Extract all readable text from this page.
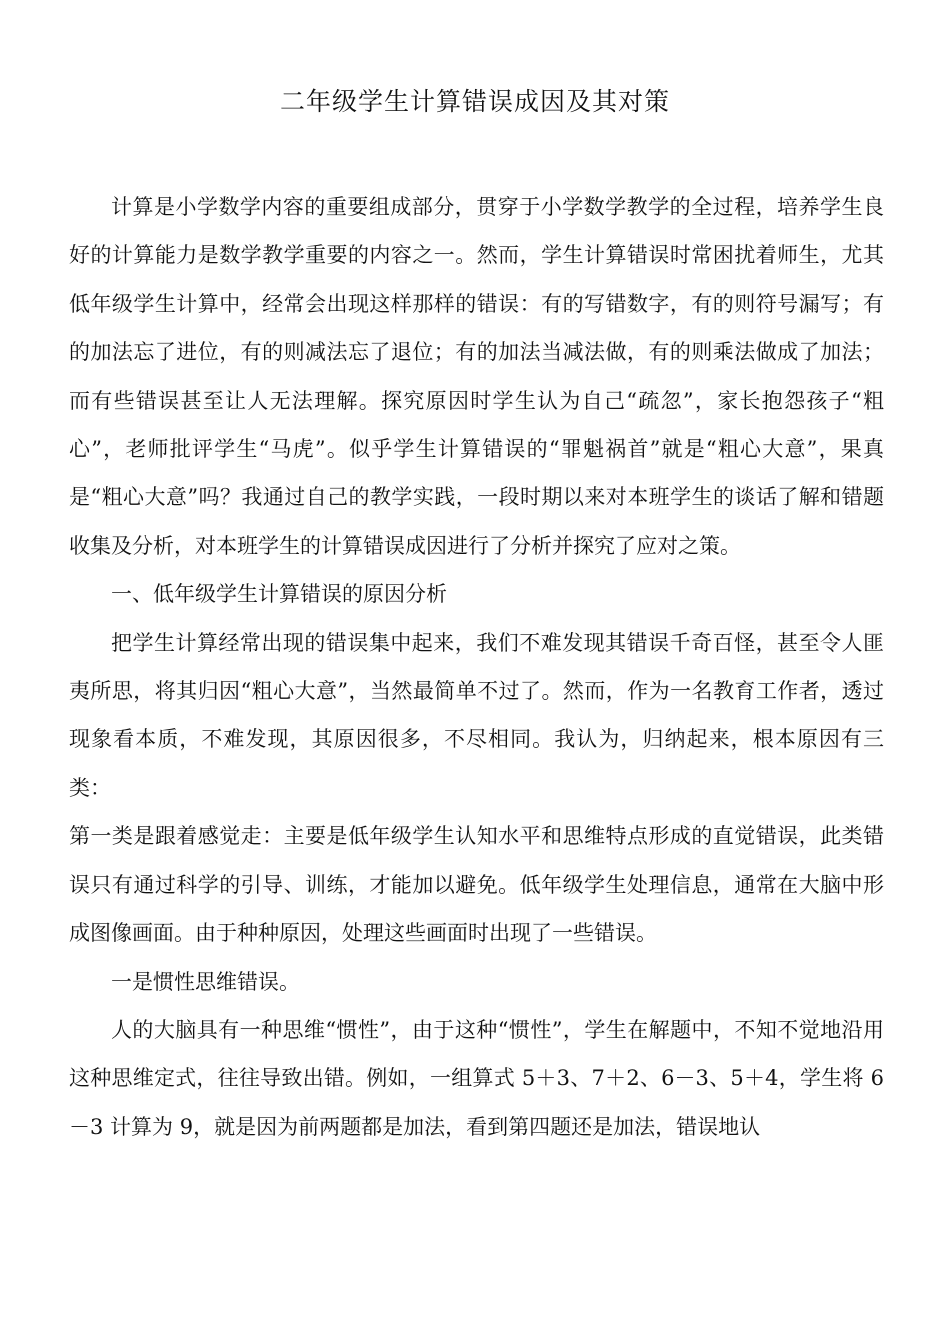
二年级学生计算错误成因及其对策

计算是小学数学内容的重要组成部分，贯穿于小学数学教学的全过程，培养学生良好的计算能力是数学教学重要的内容之一。然而，学生计算错误时常困扰着师生，尤其低年级学生计算中，经常会出现这样那样的错误：有的写错数字，有的则符号漏写；有的加法忘了进位，有的则减法忘了退位；有的加法当减法做，有的则乘法做成了加法；而有些错误甚至让人无法理解。探究原因时学生认为自己“疏忽”，家长抱怨孩子“粗心”，老师批评学生“马虎”。似乎学生计算错误的“罪魁祸首”就是“粗心大意”，果真是“粗心大意”吗？我通过自己的教学实践，一段时期以来对本班学生的谈话了解和错题收集及分析，对本班学生的计算错误成因进行了分析并探究了应对之策。

一、低年级学生计算错误的原因分析

把学生计算经常出现的错误集中起来，我们不难发现其错误千奇百怪，甚至令人匪夷所思，将其归因“粗心大意”，当然最简单不过了。然而，作为一名教育工作者，透过现象看本质，不难发现，其原因很多，不尽相同。我认为，归纳起来，根本原因有三类：

第一类是跟着感觉走：主要是低年级学生认知水平和思维特点形成的直觉错误，此类错误只有通过科学的引导、训练，才能加以避免。低年级学生处理信息，通常在大脑中形成图像画面。由于种种原因，处理这些画面时出现了一些错误。

一是惯性思维错误。

人的大脑具有一种思维“惯性”，由于这种“惯性”，学生在解题中，不知不觉地沿用这种思维定式，往往导致出错。例如，一组算式 5＋3、7＋2、6－3、5＋4，学生将 6－3 计算为 9，就是因为前两题都是加法，看到第四题还是加法，错误地认
